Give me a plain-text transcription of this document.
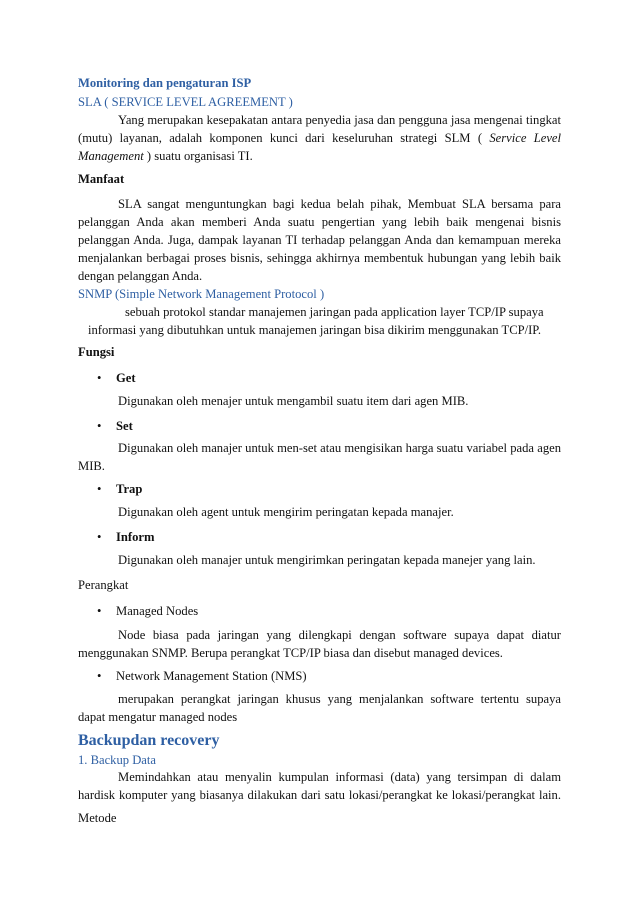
Monitoring dan pengaturan ISP
SLA ( SERVICE LEVEL AGREEMENT )
Yang merupakan kesepakatan antara penyedia jasa dan pengguna jasa mengenai tingkat
(mutu) layanan, adalah komponen kunci dari keseluruhan strategi SLM ( Service Level
Management ) suatu organisasi TI.
Manfaat
SLA sangat menguntungkan bagi kedua belah pihak, Membuat SLA bersama para
pelanggan Anda akan memberi Anda suatu pengertian yang lebih baik mengenai bisnis
pelanggan Anda. Juga, dampak layanan TI terhadap pelanggan Anda dan kemampuan mereka
menjalankan berbagai proses bisnis, sehingga akhirnya membentuk hubungan yang lebih baik
dengan pelanggan Anda.
SNMP (Simple Network Management Protocol )
sebuah protokol standar manajemen jaringan pada application layer TCP/IP supaya
informasi yang dibutuhkan untuk manajemen jaringan bisa dikirim menggunakan TCP/IP.
Fungsi
• Get
Digunakan oleh menajer untuk mengambil suatu item dari agen MIB.
• Set
Digunakan oleh manajer untuk men-set atau mengisikan harga suatu variabel pada agen
MIB.
• Trap
Digunakan oleh agent untuk mengirim peringatan kepada manajer.
• Inform
Digunakan oleh manajer untuk mengirimkan peringatan kepada manejer yang lain.
Perangkat
• Managed Nodes
Node biasa pada jaringan yang dilengkapi dengan software supaya dapat diatur
menggunakan SNMP. Berupa perangkat TCP/IP biasa dan disebut managed devices.
• Network Management Station (NMS)
merupakan perangkat jaringan khusus yang menjalankan software tertentu supaya
dapat mengatur managed nodes
Backupdan recovery
1. Backup Data
Memindahkan atau menyalin kumpulan informasi (data) yang tersimpan di dalam
hardisk komputer yang biasanya dilakukan dari satu lokasi/perangkat ke lokasi/perangkat lain.
Metode
